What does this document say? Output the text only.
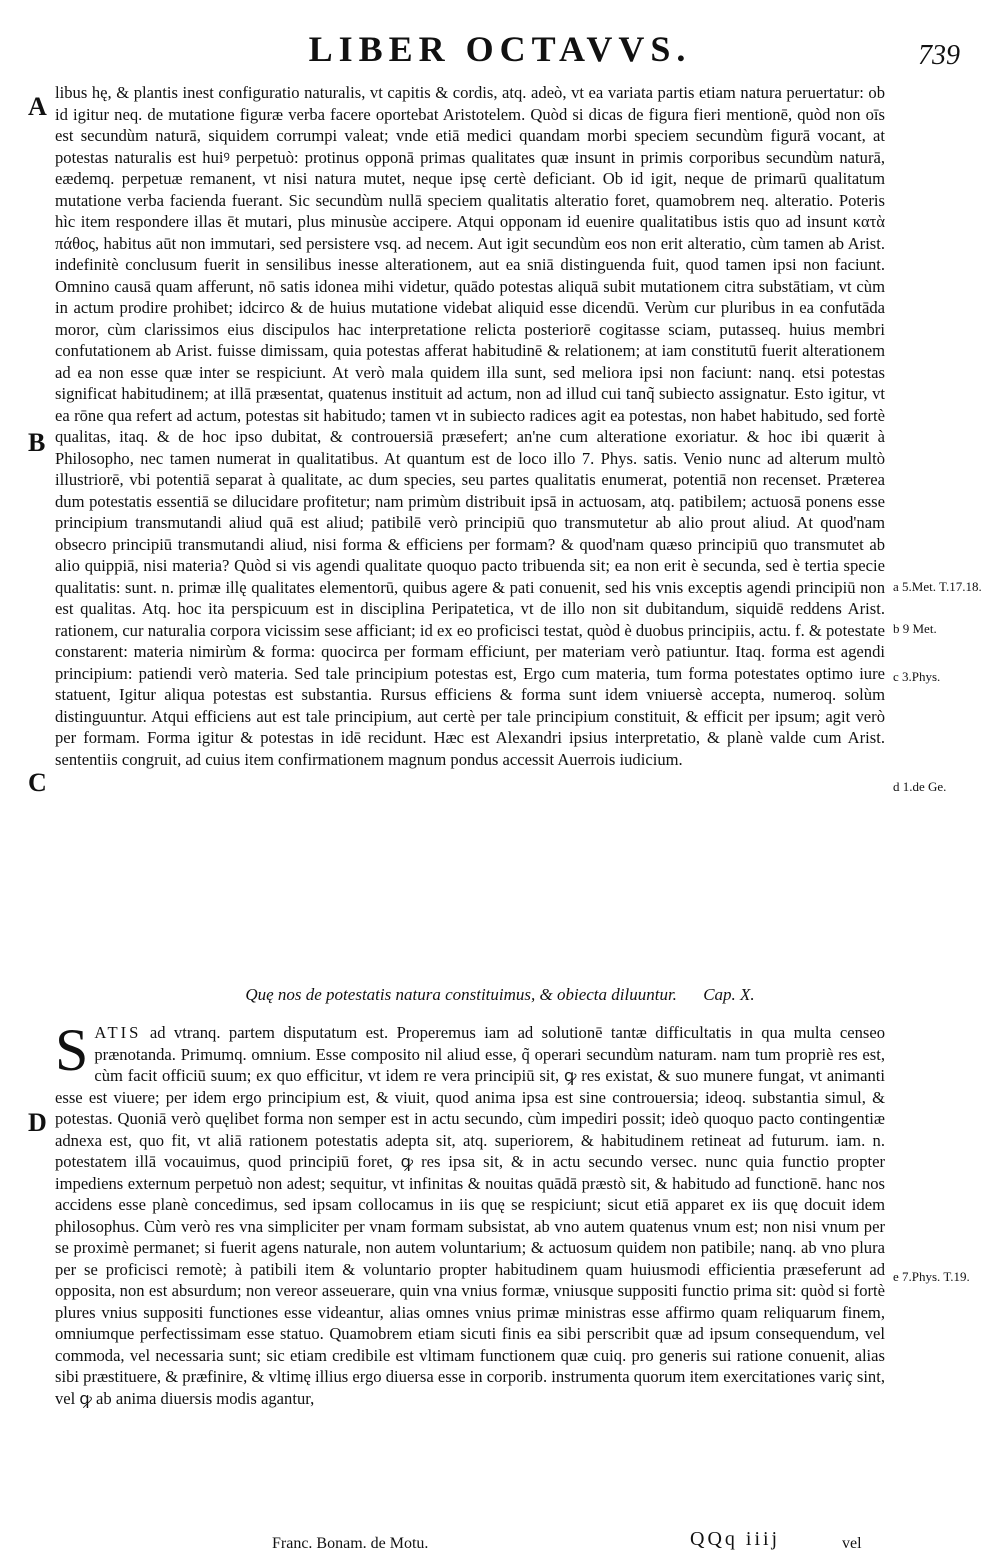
LIBER OCTAVVS.	739
A
B
C
D
a 5.Met. T.17.18.
b 9 Met.
c 3.Phys.
d 1.de Ge.
e 7.Phys. T.19.

libus hę, & plantis inest configuratio naturalis, vt capitis & cordis, atq. adeò, vt ea variata partis etiam natura peruertatur: ob id igitur neq. de mutatione figuræ verba facere oportebat Aristotelem. Quòd si dicas de figura fieri mentionē, quòd non oīs est secundùm naturā, siquidem corrumpi valeat; vnde etiā medici quandam morbi speciem secundùm figurā vocant, at potestas naturalis est huiꝰ perpetuò: protinus opponā primas qualitates quæ insunt in primis corporibus secundùm naturā, eædemq. perpetuæ remanent, vt nisi natura mutet, neque ipsę certè deficiant. Ob id igit, neque de primarū qualitatum mutatione verba facienda fuerant. Sic secundùm nullā speciem qualitatis alteratio foret, quamobrem neq. alteratio. Poteris hìc item respondere illas ēt mutari, plus minusùe accipere. Atqui opponam id euenire qualitatibus istis quo ad insunt κατὰ πάθος, habitus aūt non immutari, sed persistere vsq. ad necem. Aut igit secundùm eos non erit alteratio, cùm tamen ab Arist. indefinitè conclusum fuerit in sensilibus inesse alterationem, aut ea sniā distinguenda fuit, quod tamen ipsi non faciunt. Omnino causā quam afferunt, nō satis idonea mihi videtur, quādo potestas aliquā subit mutationem citra substātiam, vt cùm in actum prodire prohibet; idcirco & de huius mutatione videbat aliquid esse dicendū. Verùm cur pluribus in ea confutāda moror, cùm clarissimos eius discipulos hac interpretatione relicta posteriorē cogitasse sciam, putasseq. huius membri confutationem ab Arist. fuisse dimissam, quia potestas afferat habitudinē & relationem; at iam constitutū fuerit alterationem ad ea non esse quæ inter se respiciunt. At verò mala quidem illa sunt, sed meliora ipsi non faciunt: nanq. etsi potestas significat habitudinem; at illā præsentat, quatenus instituit ad actum, non ad illud cui tanq̃ subiecto assignatur. Esto igitur, vt ea rōne qua refert ad actum, potestas sit habitudo; tamen vt in subiecto radices agit ea potestas, non habet habitudo, sed fortè qualitas, itaq. & de hoc ipso dubitat, & controuersiā præsefert; an'ne cum alteratione exoriatur. & hoc ibi quærit à Philosopho, nec tamen numerat in qualitatibus. At quantum est de loco illo 7. Phys. satis. Venio nunc ad alterum multò illustriorē, vbi potentiā separat à qualitate, ac dum species, seu partes qualitatis enumerat, potentiā non recenset. Præterea dum potestatis essentiā se dilucidare profitetur; nam primùm distribuit ipsā in actuosam, atq. patibilem; actuosā ponens esse principium transmutandi aliud quā est aliud; patibilē verò principiū quo transmutetur ab alio prout aliud. At quod'nam obsecro principiū transmutandi aliud, nisi forma & efficiens per formam? & quod'nam quæso principiū quo transmutet ab alio quippiā, nisi materia? Quòd si vis agendi qualitate quoquo pacto tribuenda sit; ea non erit è secunda, sed è tertia specie qualitatis: sunt. n. primæ illę qualitates elementorū, quibus agere & pati conuenit, sed his vnis exceptis agendi principiū non est qualitas. Atq. hoc ita perspicuum est in disciplina Peripatetica, vt de illo non sit dubitandum, siquidē reddens Arist. rationem, cur naturalia corpora vicissim sese afficiant; id ex eo proficisci testat, quòd è duobus principiis, actu. f. & potestate constarent: materia nimirùm & forma: quocirca per formam efficiunt, per materiam verò patiuntur. Itaq. forma est agendi principium: patiendi verò materia. Sed tale principium potestas est, Ergo cum materia, tum forma potestates optimo iure statuent, Igitur aliqua potestas est substantia. Rursus efficiens & forma sunt idem vniuersè accepta, numeroq. solùm distinguuntur. Atqui efficiens aut est tale principium, aut certè per tale principium constituit, & efficit per ipsum; agit verò per formam. Forma igitur & potestas in idē recidunt. Hæc est Alexandri ipsius interpretatio, & planè valde cum Arist. sententiis congruit, ad cuius item confirmationem magnum pondus accessit Auerrois iudicium.

Quę nos de potestatis natura constituimus, & obiecta diluuntur. Cap. X.

SATIS ad vtranq. partem disputatum est. Properemus iam ad solutionē tantæ difficultatis in qua multa censeo prænotanda. Primumq. omnium. Esse composito nil aliud esse, q̃ operari secundùm naturam. nam tum propriè res est, cùm facit officiū suum; ex quo efficitur, vt idem re vera principiū sit, ꝙ res existat, & suo munere fungat, vt animanti esse est viuere; per idem ergo principium est, & viuit, quod anima ipsa est sine controuersia; ideoq. substantia simul, & potestas. Quoniā verò quęlibet forma non semper est in actu secundo, cùm impediri possit; ideò quoquo pacto contingentiæ adnexa est, quo fit, vt aliā rationem potestatis adepta sit, atq. superiorem, & habitudinem retineat ad futurum. iam. n. potestatem illā vocauimus, quod principiū foret, ꝙ res ipsa sit, & in actu secundo versec. nunc quia functio propter impediens externum perpetuò non adest; sequitur, vt infinitas & nouitas quādā præstò sit, & habitudo ad functionē. hanc nos accidens esse planè concedimus, sed ipsam collocamus in iis quę se respiciunt; sicut etiā apparet ex iis quę docuit idem philosophus. Cùm verò res vna simpliciter per vnam formam subsistat, ab vno autem quatenus vnum est; non nisi vnum per se proximè permanet; si fuerit agens naturale, non autem voluntarium; & actuosum quidem non patibile; nanq. ab vno plura per se proficisci remotè; à patibili item & voluntario propter habitudinem quam huiusmodi efficientia præseferunt ad opposita, non est absurdum; non vereor asseuerare, quin vna vnius formæ, vniusque suppositi functio prima sit: quòd si fortè plures vnius suppositi functiones esse videantur, alias omnes vnius primæ ministras esse affirmo quam reliquarum finem, omniumque perfectissimam esse statuo. Quamobrem etiam sicuti finis ea sibi perscribit quæ ad ipsum consequendum, vel commoda, vel necessaria sunt; sic etiam credibile est vltimam functionem quæ cuiq. pro generis sui ratione conuenit, alias sibi præstituere, & præfinire, & vltimę illius ergo diuersa esse in corporib. instrumenta quorum item exercitationes variç sint, vel ꝙ ab anima diuersis modis agantur,

Franc. Bonam. de Motu.	QQq iiij	vel
